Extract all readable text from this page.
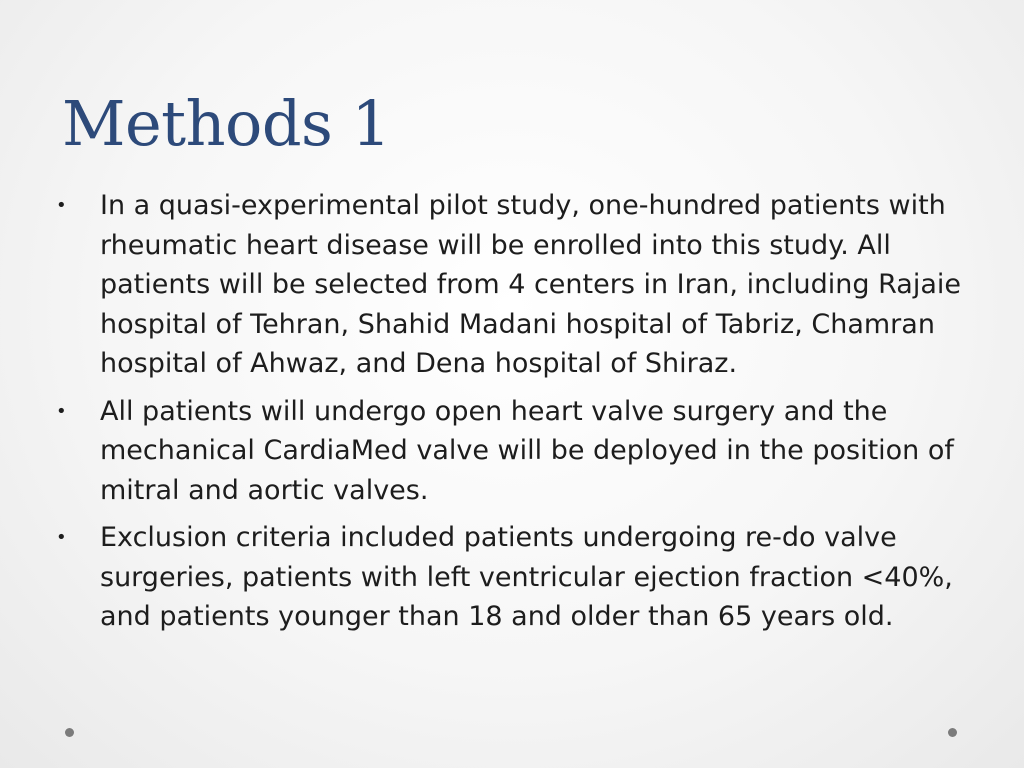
Methods 1
•	In a quasi-experimental pilot study, one-hundred patients with rheumatic heart disease will be enrolled into this study. All patients will be selected from 4 centers in Iran, including Rajaie hospital of Tehran, Shahid Madani hospital of Tabriz, Chamran hospital of Ahwaz, and Dena hospital of Shiraz.
•	All patients will undergo open heart valve surgery and the mechanical CardiaMed valve will be deployed in the position of mitral and aortic valves.
•	Exclusion criteria included patients undergoing re-do valve surgeries, patients with left ventricular ejection fraction <40%, and patients younger than 18 and older than 65 years old.
